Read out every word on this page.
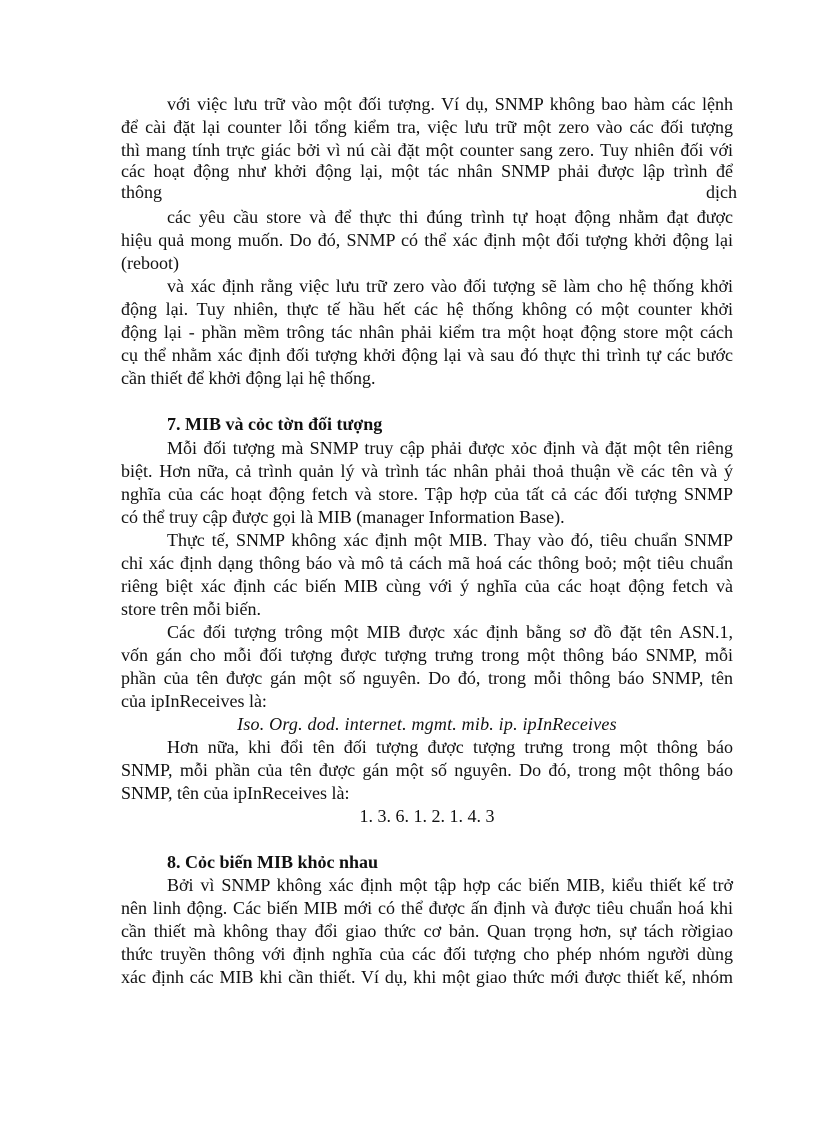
với việc lưu trữ vào một đối tượng. Ví dụ, SNMP không bao hàm các lệnh
để cài đặt lại counter lỗi tổng kiểm tra, việc lưu trữ một zero vào các đối tượng
thì mang tính trực giác bởi vì nú cài đặt một counter sang zero. Tuy nhiên đối với
các hoạt động như khởi động lại, một tác nhân SNMP phải được lập trình để
thông	dịch
các yêu cầu store và để thực thi đúng trình tự hoạt động nhằm đạt được
hiệu quả mong muốn. Do đó, SNMP có thể xác định một đối tượng khởi động lại
(reboot)
và xác định rằng việc lưu trữ zero vào đối tượng sẽ làm cho hệ thống khởi
động lại. Tuy nhiên, thực tế hầu hết các hệ thống không có một counter khởi
động lại - phần mềm trông tác nhân phải kiểm tra một hoạt động store một cách
cụ thể nhằm xác định đối tượng khởi động lại và sau đó thực thi trình tự các bước
cần thiết để khởi động lại hệ thống.
7. MIB và cỏc tờn đối tượng
Mỗi đối tượng mà SNMP truy cập phải được xỏc định và đặt một tên riêng
biệt. Hơn nữa, cả trình quản lý và trình tác nhân phải thoả thuận về các tên và ý
nghĩa của các hoạt động fetch và store. Tập hợp của tất cả các đối tượng SNMP
có thể truy cập được gọi là MIB (manager Information Base).
Thực tế, SNMP không xác định một MIB. Thay vào đó, tiêu chuẩn SNMP
chỉ xác định dạng thông báo và mô tả cách mã hoá các thông boỏ; một tiêu chuẩn
riêng biệt xác định các biến MIB cùng với ý nghĩa của các hoạt động fetch và
store trên mỗi biến.
Các đối tượng trông một MIB được xác định bằng sơ đồ đặt tên ASN.1,
vốn gán cho mỗi đối tượng được tượng trưng trong một thông báo SNMP, mỗi
phần của tên được gán một số nguyên. Do đó, trong mỗi thông báo SNMP, tên
của ipInReceives là:
Iso. Org. dod. internet. mgmt. mib. ip. ipInReceives
Hơn nữa, khi đổi tên đối tượng được tượng trưng trong một thông báo
SNMP, mỗi phần của tên được gán một số nguyên. Do đó, trong một thông báo
SNMP, tên của ipInReceives là:
1. 3. 6. 1. 2. 1. 4. 3
8. Cỏc biến MIB khỏc nhau
Bởi vì SNMP không xác định một tập hợp các biến MIB, kiểu thiết kế trở
nên linh động. Các biến MIB mới có thể được ấn định và được tiêu chuẩn hoá khi
cần thiết mà không thay đổi giao thức cơ bản. Quan trọng hơn, sự tách rờigiao
thức truyền thông với định nghĩa của các đối tượng cho phép nhóm người dùng
xác định các MIB khi cần thiết. Ví dụ, khi một giao thức mới được thiết kế, nhóm
